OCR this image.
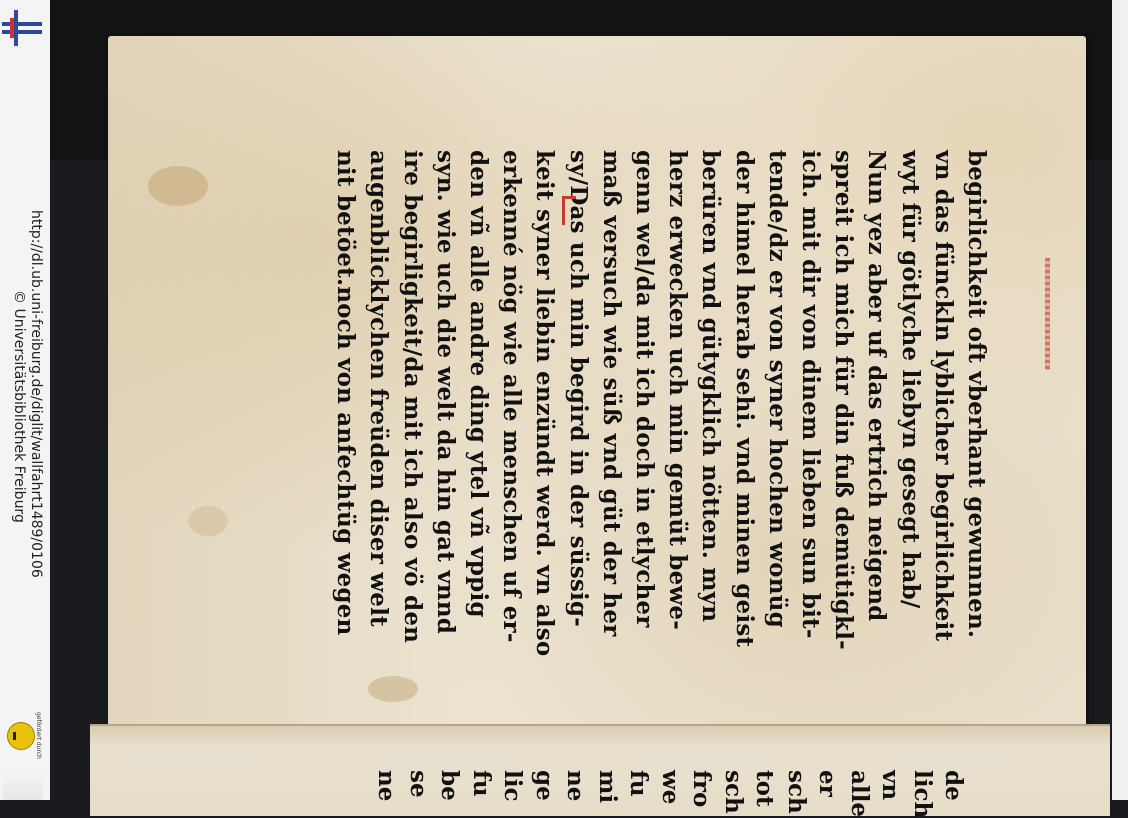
http://dl.ub.uni-freiburg.de/diglit/wallfahrt1489/0106
© Universitätsbibliothek Freiburg
gefördert durch
begirlichkeit oft vberhant gewunnen.
vn das fünckln lyblicher begirlichkeit
wyt für götlyche liebyn gesegt hab/
Nun yez aber uf das ertrich neigend
spreit ich mich für din fuß demütigkl-
ich. mit dir von dinem lieben sun bit-
tende/dz er von syner hochen wonüg
der himel herab sehi. vnd minen geist
berüren vnd gütygklich nötten. myn
herz erwecken uch min gemüt bewe-
genn wel/da mit ich doch in etlycher
maß versuch wie süß vnd güt der her
sy/Das uch min begird in der süssig-
keit syner liebin enzündt werd. vn also
erkenné nög wie alle menschen uf er-
den vñ alle andre ding ytel vñ vppig
syn. wie uch die welt da hin gat vnnd
ire begirligkeit/da mit ich also vö den
augenblicklychen freüden diser welt
nit betöet.noch von anfechtüg wegen
ne se be fu lic ge ne mi fu we fro sch tot sch er alle vn lich de
